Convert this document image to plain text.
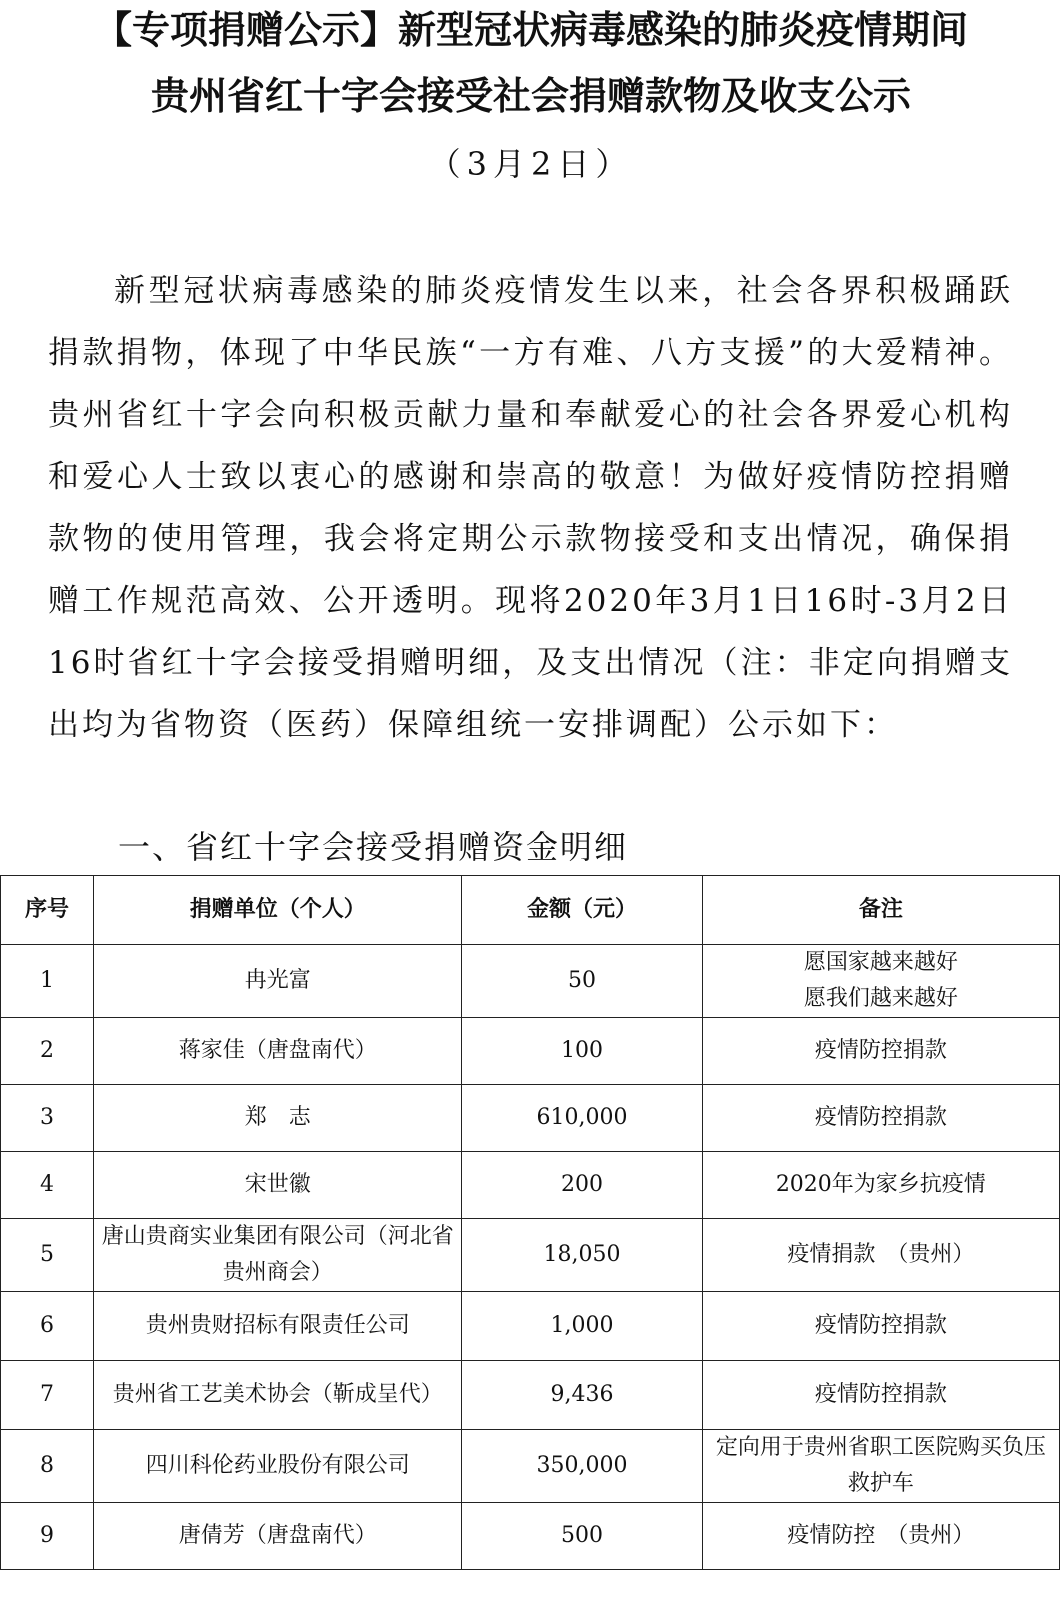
【专项捐赠公示】新型冠状病毒感染的肺炎疫情期间
贵州省红十字会接受社会捐赠款物及收支公示
（3月2日）

新型冠状病毒感染的肺炎疫情发生以来，社会各界积极踊跃捐款捐物，体现了中华民族“一方有难、八方支援”的大爱精神。贵州省红十字会向积极贡献力量和奉献爱心的社会各界爱心机构和爱心人士致以衷心的感谢和崇高的敬意！为做好疫情防控捐赠款物的使用管理，我会将定期公示款物接受和支出情况，确保捐赠工作规范高效、公开透明。现将2020年3月1日16时-3月2日16时省红十字会接受捐赠明细，及支出情况（注：非定向捐赠支出均为省物资（医药）保障组统一安排调配）公示如下：

一、省红十字会接受捐赠资金明细
序号	捐赠单位（个人）	金额（元）	备注
1	冉光富	50	愿国家越来越好
愿我们越来越好

2	蒋家佳（唐盘南代）	100	疫情防控捐款
3	郑　志	610,000	疫情防控捐款
4	宋世徽	200	2020年为家乡抗疫情
5	唐山贵商实业集团有限公司（河北省贵州商会）	18,050	疫情捐款　（贵州）
6	贵州贵财招标有限责任公司	1,000	疫情防控捐款
7	贵州省工艺美术协会（靳成呈代）	9,436	疫情防控捐款
8	四川科伦药业股份有限公司	350,000	定向用于贵州省职工医院购买负压救护车
9	唐倩芳（唐盘南代）	500	疫情防控　（贵州）
